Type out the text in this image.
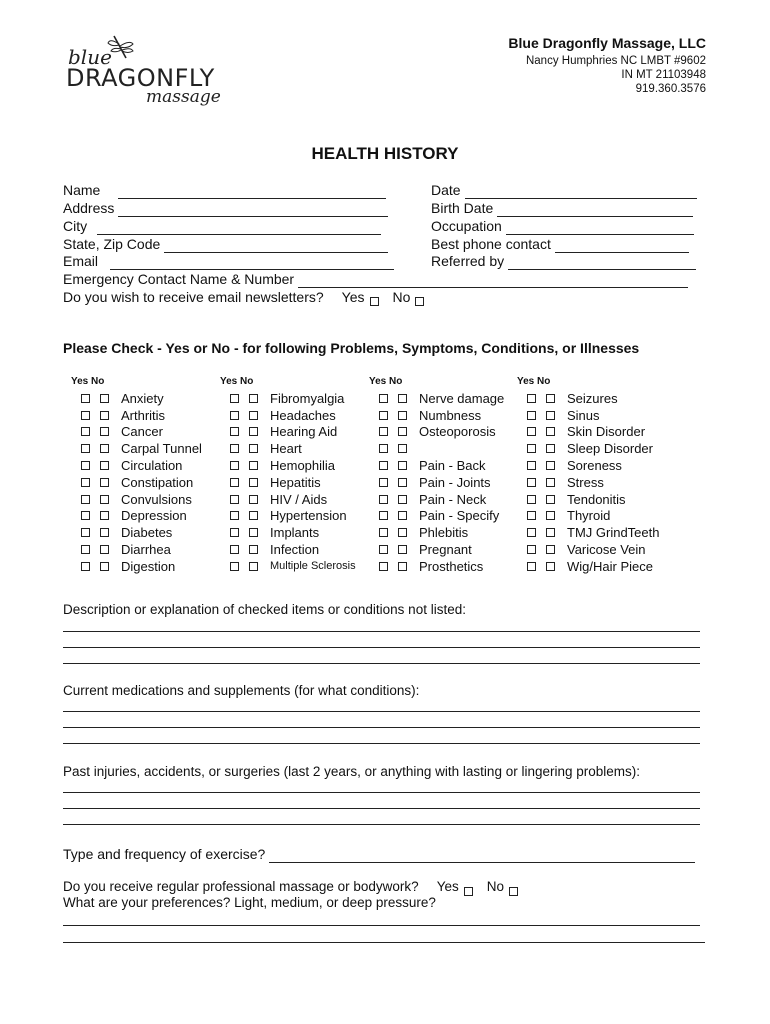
blue
DRAGONFLY
massage
Blue Dragonfly Massage, LLC
Nancy Humphries NC LMBT #9602
IN MT 21103948
919.360.3576
HEALTH HISTORY
Name
Address
City
State, Zip Code
Email
Date
Birth Date
Occupation
Best phone contact
Referred by
Emergency Contact Name & Number
Do you wish to receive email newsletters? Yes No
Please Check - Yes or No - for following Problems, Symptoms, Conditions, or Illnesses
Yes No
Anxiety
Arthritis
Cancer
Carpal Tunnel
Circulation
Constipation
Convulsions
Depression
Diabetes
Diarrhea
Digestion
Yes No
Fibromyalgia
Headaches
Hearing Aid
Heart
Hemophilia
Hepatitis
HIV / Aids
Hypertension
Implants
Infection
Multiple Sclerosis
Yes No
Nerve damage
Numbness
Osteoporosis
Pain - Back
Pain - Joints
Pain - Neck
Pain - Specify
Phlebitis
Pregnant
Prosthetics
Yes No
Seizures
Sinus
Skin Disorder
Sleep Disorder
Soreness
Stress
Tendonitis
Thyroid
TMJ GrindTeeth
Varicose Vein
Wig/Hair Piece
Description or explanation of checked items or conditions not listed:
Current medications and supplements (for what conditions):
Past injuries, accidents, or surgeries (last 2 years, or anything with lasting or lingering problems):
Type and frequency of exercise?
Do you receive regular professional massage or bodywork? Yes No
What are your preferences? Light, medium, or deep pressure?
